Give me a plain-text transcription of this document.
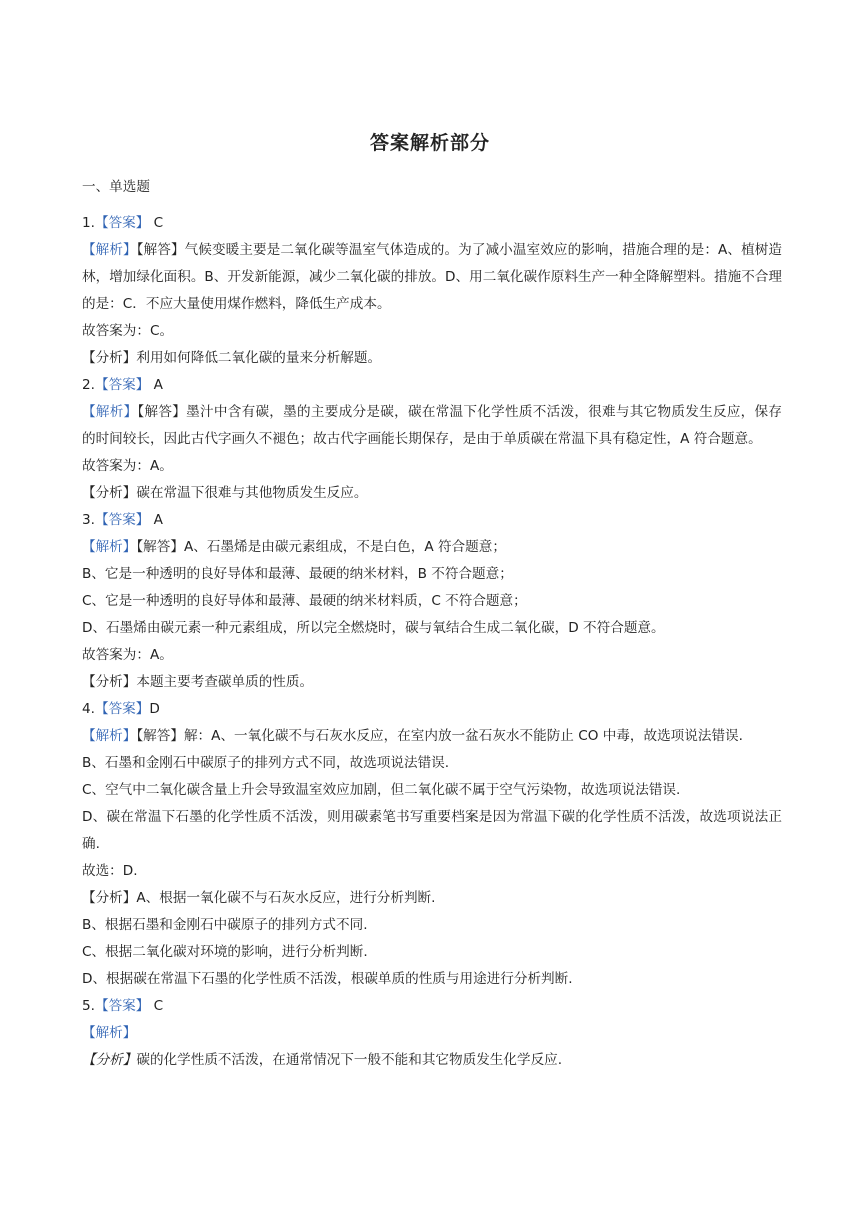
答案解析部分
一、单选题
1.【答案】 C
【解析】【解答】气候变暖主要是二氧化碳等温室气体造成的。为了减小温室效应的影响，措施合理的是：A、植树造林，增加绿化面积。B、开发新能源，减少二氧化碳的排放。D、用二氧化碳作原料生产一种全降解塑料。措施不合理的是：C．不应大量使用煤作燃料，降低生产成本。
故答案为：C。
【分析】利用如何降低二氧化碳的量来分析解题。
2.【答案】 A
【解析】【解答】墨汁中含有碳，墨的主要成分是碳，碳在常温下化学性质不活泼，很难与其它物质发生反应，保存的时间较长，因此古代字画久不褪色；故古代字画能长期保存，是由于单质碳在常温下具有稳定性，A 符合题意。
故答案为：A。
【分析】碳在常温下很难与其他物质发生反应。
3.【答案】 A
【解析】【解答】A、石墨烯是由碳元素组成，不是白色，A 符合题意；
B、它是一种透明的良好导体和最薄、最硬的纳米材料，B 不符合题意；
C、它是一种透明的良好导体和最薄、最硬的纳米材料质，C 不符合题意；
D、石墨烯由碳元素一种元素组成，所以完全燃烧时，碳与氧结合生成二氧化碳，D 不符合题意。
故答案为：A。
【分析】本题主要考查碳单质的性质。
4.【答案】D
【解析】【解答】解：A、一氧化碳不与石灰水反应，在室内放一盆石灰水不能防止 CO 中毒，故选项说法错误.
B、石墨和金刚石中碳原子的排列方式不同，故选项说法错误.
C、空气中二氧化碳含量上升会导致温室效应加剧，但二氧化碳不属于空气污染物，故选项说法错误.
D、碳在常温下石墨的化学性质不活泼，则用碳素笔书写重要档案是因为常温下碳的化学性质不活泼，故选项说法正确.
故选：D.
【分析】A、根据一氧化碳不与石灰水反应，进行分析判断.
B、根据石墨和金刚石中碳原子的排列方式不同.
C、根据二氧化碳对环境的影响，进行分析判断.
D、根据碳在常温下石墨的化学性质不活泼，根碳单质的性质与用途进行分析判断.
5.【答案】 C
【解析】
【分析】碳的化学性质不活泼，在通常情况下一般不能和其它物质发生化学反应.
